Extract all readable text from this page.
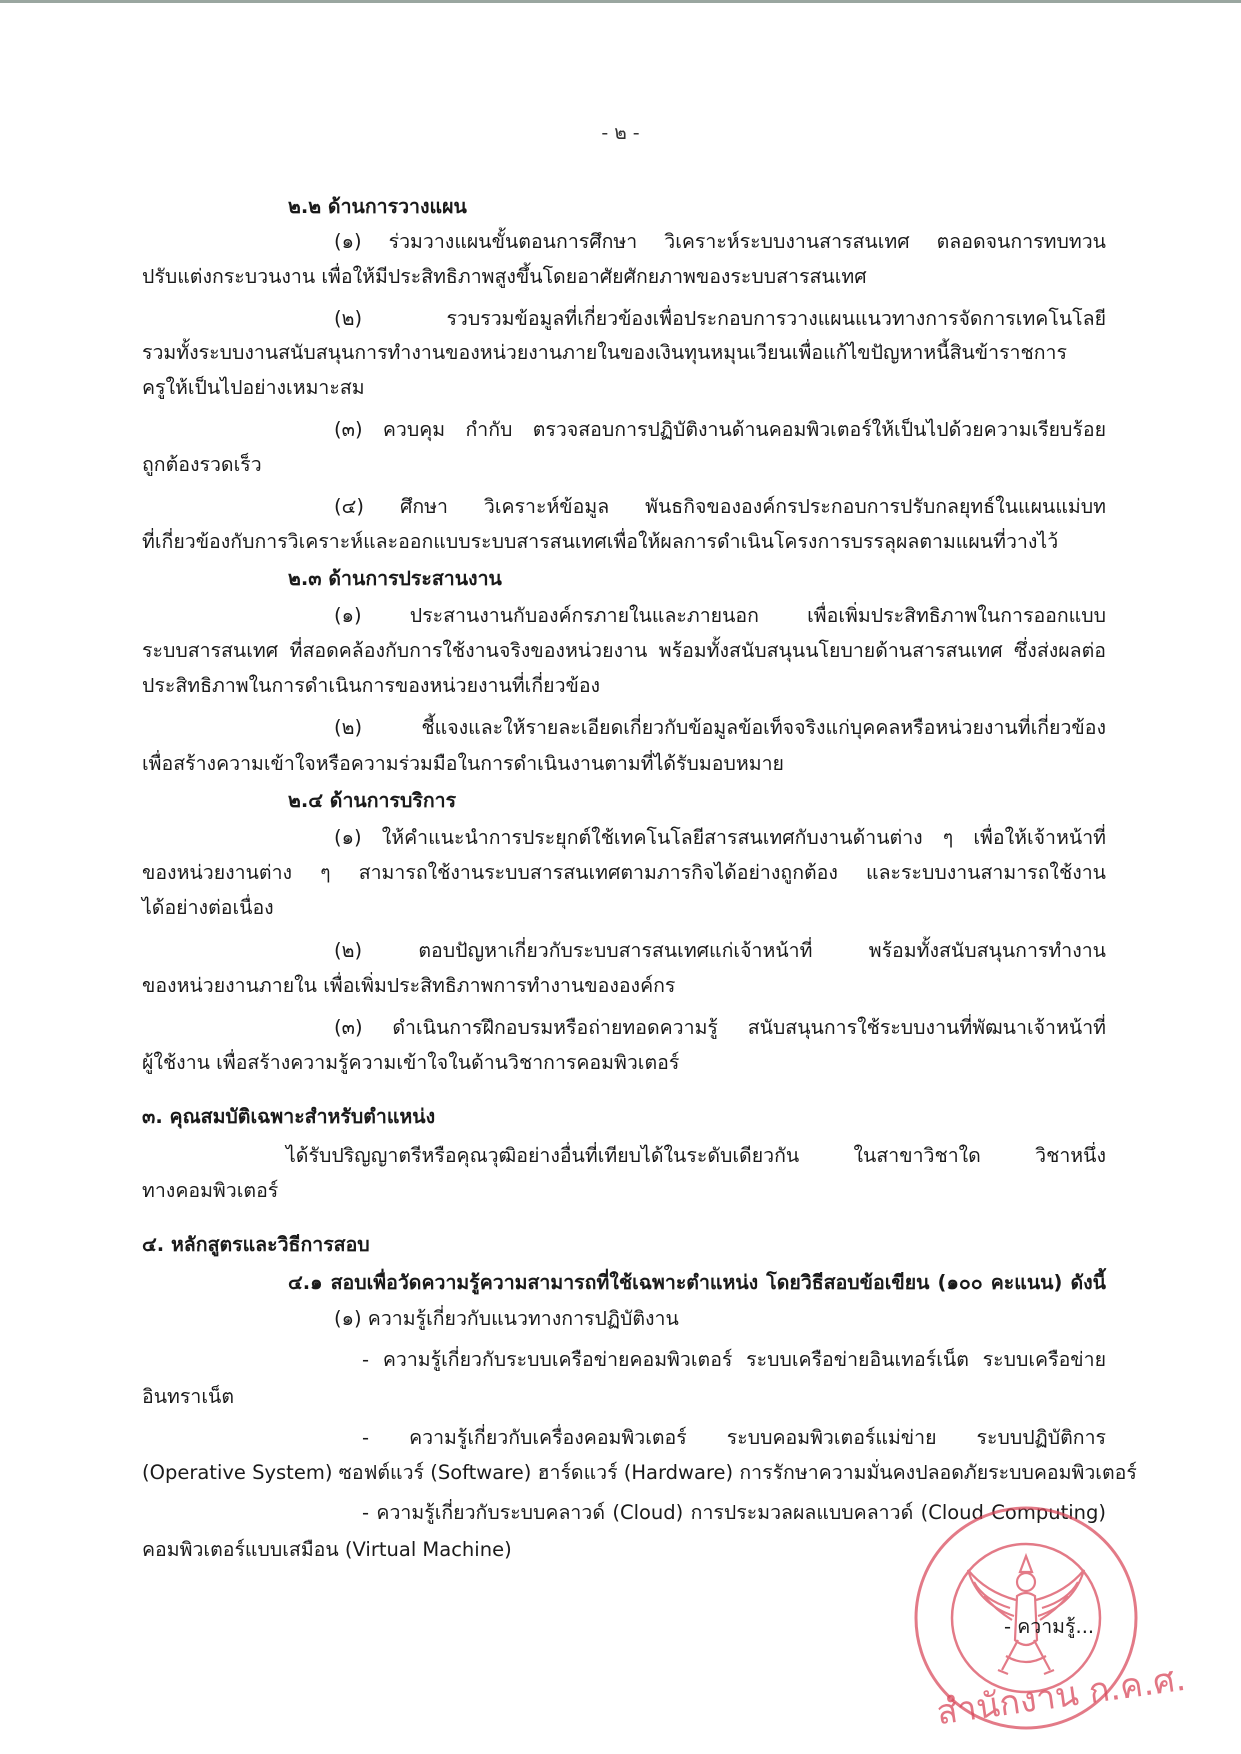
- ๒ -

๒.๒ ด้านการวางแผน

(๑) ร่วมวางแผนขั้นตอนการศึกษา วิเคราะห์ระบบงานสารสนเทศ ตลอดจนการทบทวน

ปรับแต่งกระบวนงาน เพื่อให้มีประสิทธิภาพสูงขึ้นโดยอาศัยศักยภาพของระบบสารสนเทศ

(๒) รวบรวมข้อมูลที่เกี่ยวข้องเพื่อประกอบการวางแผนแนวทางการจัดการเทคโนโลยี

รวมทั้งระบบงานสนับสนุนการทำงานของหน่วยงานภายในของเงินทุนหมุนเวียนเพื่อแก้ไขปัญหาหนี้สินข้าราชการ

ครูให้เป็นไปอย่างเหมาะสม

(๓) ควบคุม กำกับ ตรวจสอบการปฏิบัติงานด้านคอมพิวเตอร์ให้เป็นไปด้วยความเรียบร้อย

ถูกต้องรวดเร็ว

(๔) ศึกษา วิเคราะห์ข้อมูล พันธกิจขององค์กรประกอบการปรับกลยุทธ์ในแผนแม่บท

ที่เกี่ยวข้องกับการวิเคราะห์และออกแบบระบบสารสนเทศเพื่อให้ผลการดำเนินโครงการบรรลุผลตามแผนที่วางไว้

๒.๓ ด้านการประสานงาน

(๑) ประสานงานกับองค์กรภายในและภายนอก เพื่อเพิ่มประสิทธิภาพในการออกแบบ

ระบบสารสนเทศ ที่สอดคล้องกับการใช้งานจริงของหน่วยงาน พร้อมทั้งสนับสนุนนโยบายด้านสารสนเทศ ซึ่งส่งผลต่อ

ประสิทธิภาพในการดำเนินการของหน่วยงานที่เกี่ยวข้อง

(๒) ชี้แจงและให้รายละเอียดเกี่ยวกับข้อมูลข้อเท็จจริงแก่บุคคลหรือหน่วยงานที่เกี่ยวข้อง

เพื่อสร้างความเข้าใจหรือความร่วมมือในการดำเนินงานตามที่ได้รับมอบหมาย

๒.๔ ด้านการบริการ

(๑) ให้คำแนะนำการประยุกต์ใช้เทคโนโลยีสารสนเทศกับงานด้านต่าง ๆ เพื่อให้เจ้าหน้าที่

ของหน่วยงานต่าง ๆ สามารถใช้งานระบบสารสนเทศตามภารกิจได้อย่างถูกต้อง และระบบงานสามารถใช้งาน

ได้อย่างต่อเนื่อง

(๒) ตอบปัญหาเกี่ยวกับระบบสารสนเทศแก่เจ้าหน้าที่ พร้อมทั้งสนับสนุนการทำงาน

ของหน่วยงานภายใน เพื่อเพิ่มประสิทธิภาพการทำงานขององค์กร

(๓) ดำเนินการฝึกอบรมหรือถ่ายทอดความรู้ สนับสนุนการใช้ระบบงานที่พัฒนาเจ้าหน้าที่

ผู้ใช้งาน เพื่อสร้างความรู้ความเข้าใจในด้านวิชาการคอมพิวเตอร์

๓. คุณสมบัติเฉพาะสำหรับตำแหน่ง

ได้รับปริญญาตรีหรือคุณวุฒิอย่างอื่นที่เทียบได้ในระดับเดียวกัน ในสาขาวิชาใด วิชาหนึ่ง

ทางคอมพิวเตอร์

๔. หลักสูตรและวิธีการสอบ

๔.๑ สอบเพื่อวัดความรู้ความสามารถที่ใช้เฉพาะตำแหน่ง โดยวิธีสอบข้อเขียน (๑๐๐ คะแนน) ดังนี้

(๑) ความรู้เกี่ยวกับแนวทางการปฏิบัติงาน

- ความรู้เกี่ยวกับระบบเครือข่ายคอมพิวเตอร์ ระบบเครือข่ายอินเทอร์เน็ต ระบบเครือข่าย

อินทราเน็ต

- ความรู้เกี่ยวกับเครื่องคอมพิวเตอร์ ระบบคอมพิวเตอร์แม่ข่าย ระบบปฏิบัติการ

(Operative System) ซอฟต์แวร์ (Software) ฮาร์ดแวร์ (Hardware) การรักษาความมั่นคงปลอดภัยระบบคอมพิวเตอร์

- ความรู้เกี่ยวกับระบบคลาวด์ (Cloud) การประมวลผลแบบคลาวด์ (Cloud Computing)

คอมพิวเตอร์แบบเสมือน (Virtual Machine)

สำนักงาน ก.ค.ศ.

- ความรู้...
